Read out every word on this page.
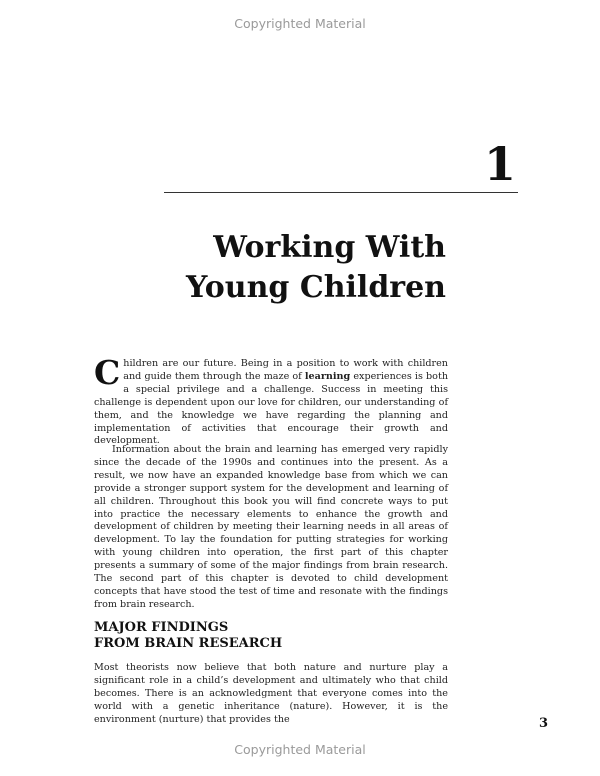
Copyrighted Material
1
Working With
Young Children

Children are our future. Being in a position to work with children and guide them through the maze of learning experiences is both a special privilege and a challenge. Success in meeting this challenge is dependent upon our love for children, our understanding of them, and the knowledge we have regarding the planning and implementation of activities that encourage their growth and development.

Information about the brain and learning has emerged very rapidly since the decade of the 1990s and continues into the present. As a result, we now have an expanded knowledge base from which we can provide a stronger support system for the development and learning of all children. Throughout this book you will find concrete ways to put into practice the necessary elements to enhance the growth and development of children by meeting their learning needs in all areas of development. To lay the foundation for putting strategies for working with young children into operation, the first part of this chapter presents a summary of some of the major findings from brain research. The second part of this chapter is devoted to child development concepts that have stood the test of time and resonate with the findings from brain research.

MAJOR FINDINGS
FROM BRAIN RESEARCH

Most theorists now believe that both nature and nurture play a significant role in a child’s development and ultimately who that child becomes. There is an acknowledgment that everyone comes into the world with a genetic inheritance (nature). However, it is the environment (nurture) that provides the	3
Copyrighted Material
